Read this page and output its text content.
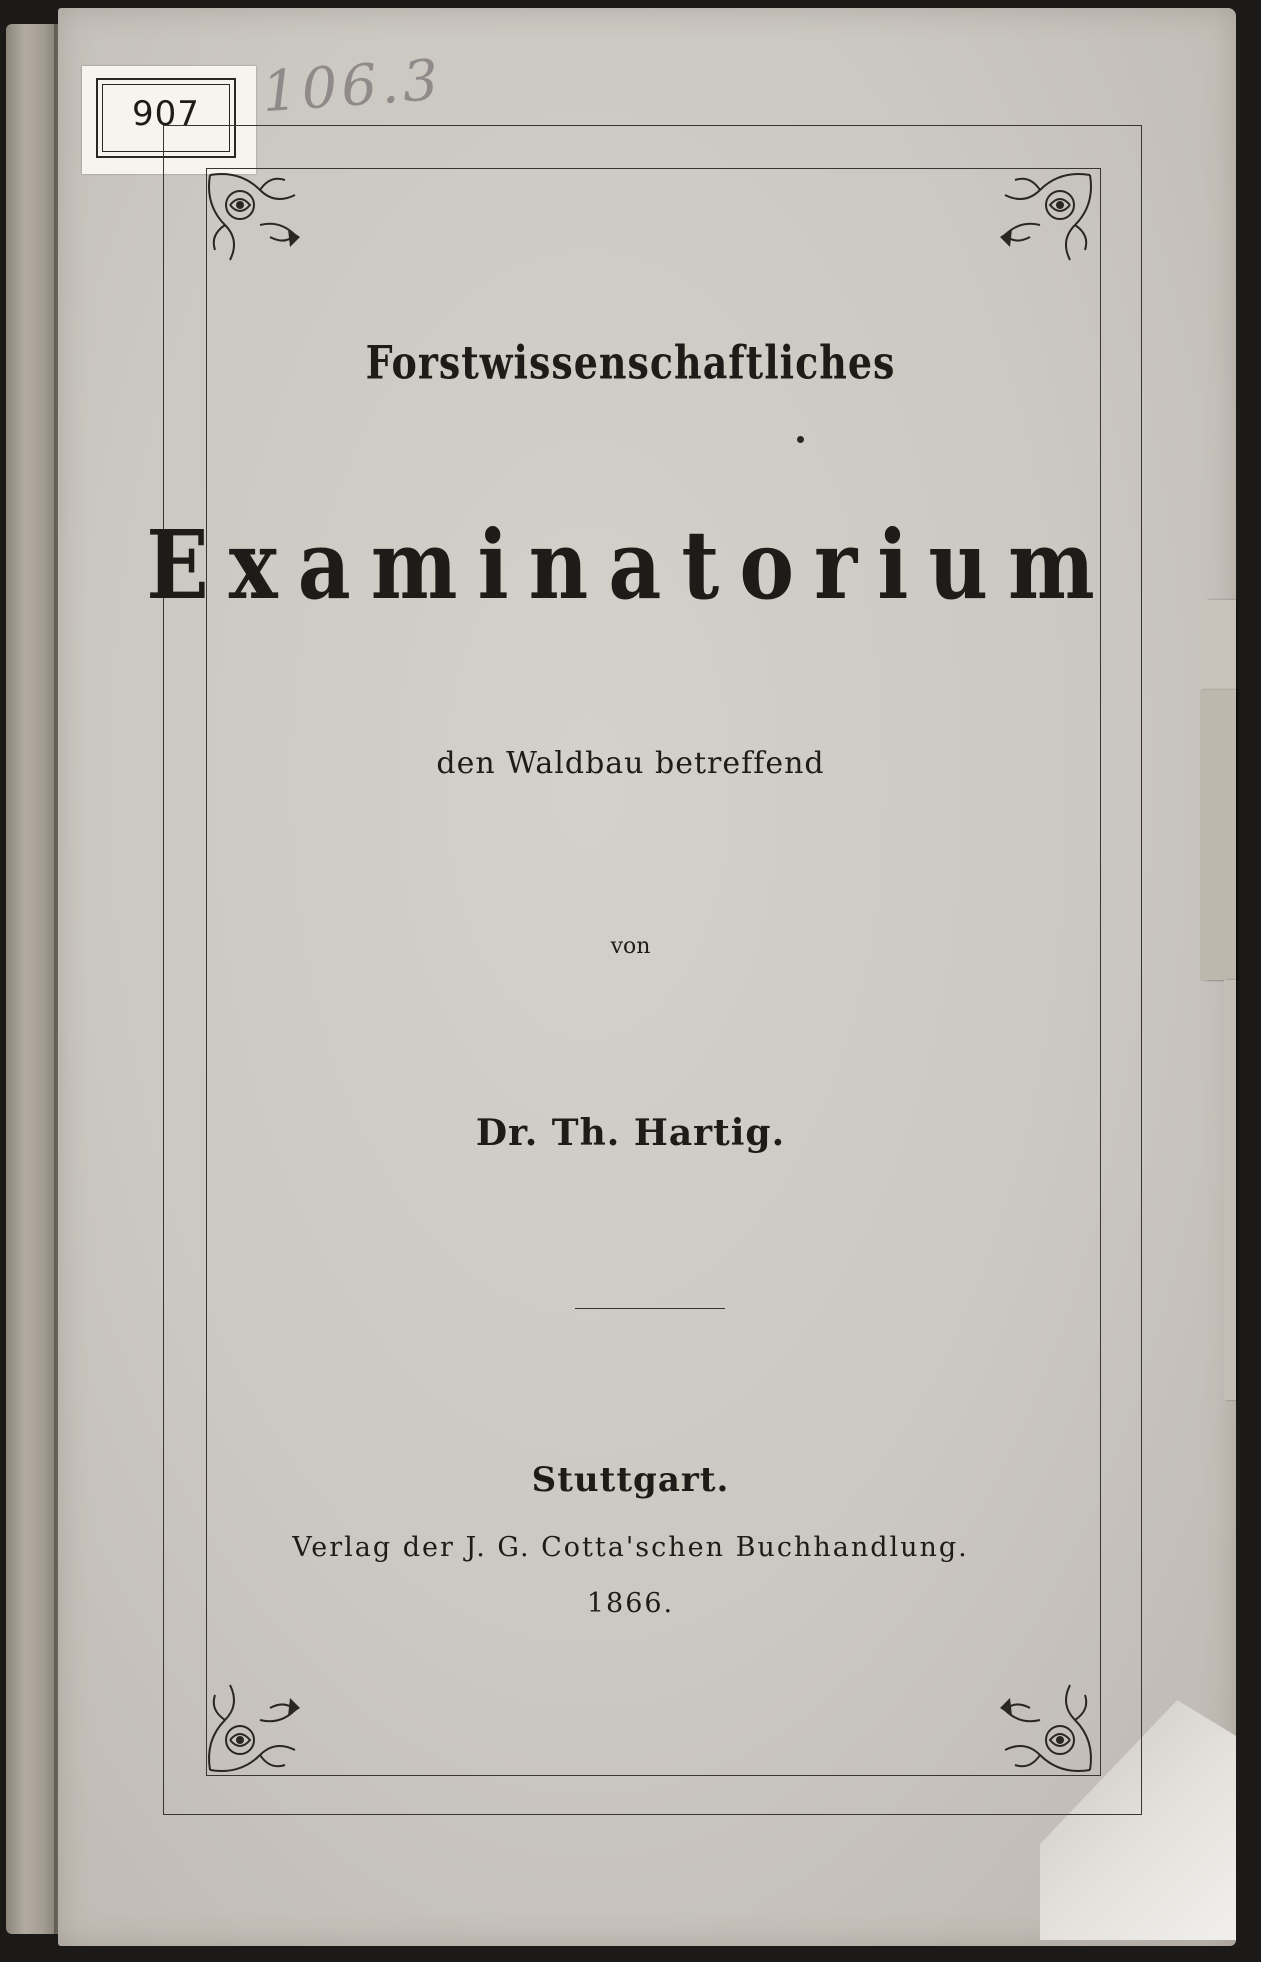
907	106.3
Forstwissenschaftliches
Examinatorium
den Waldbau betreffend
von
Dr. Th. Hartig.
Stuttgart.
Verlag der J. G. Cotta'schen Buchhandlung.
1866.
